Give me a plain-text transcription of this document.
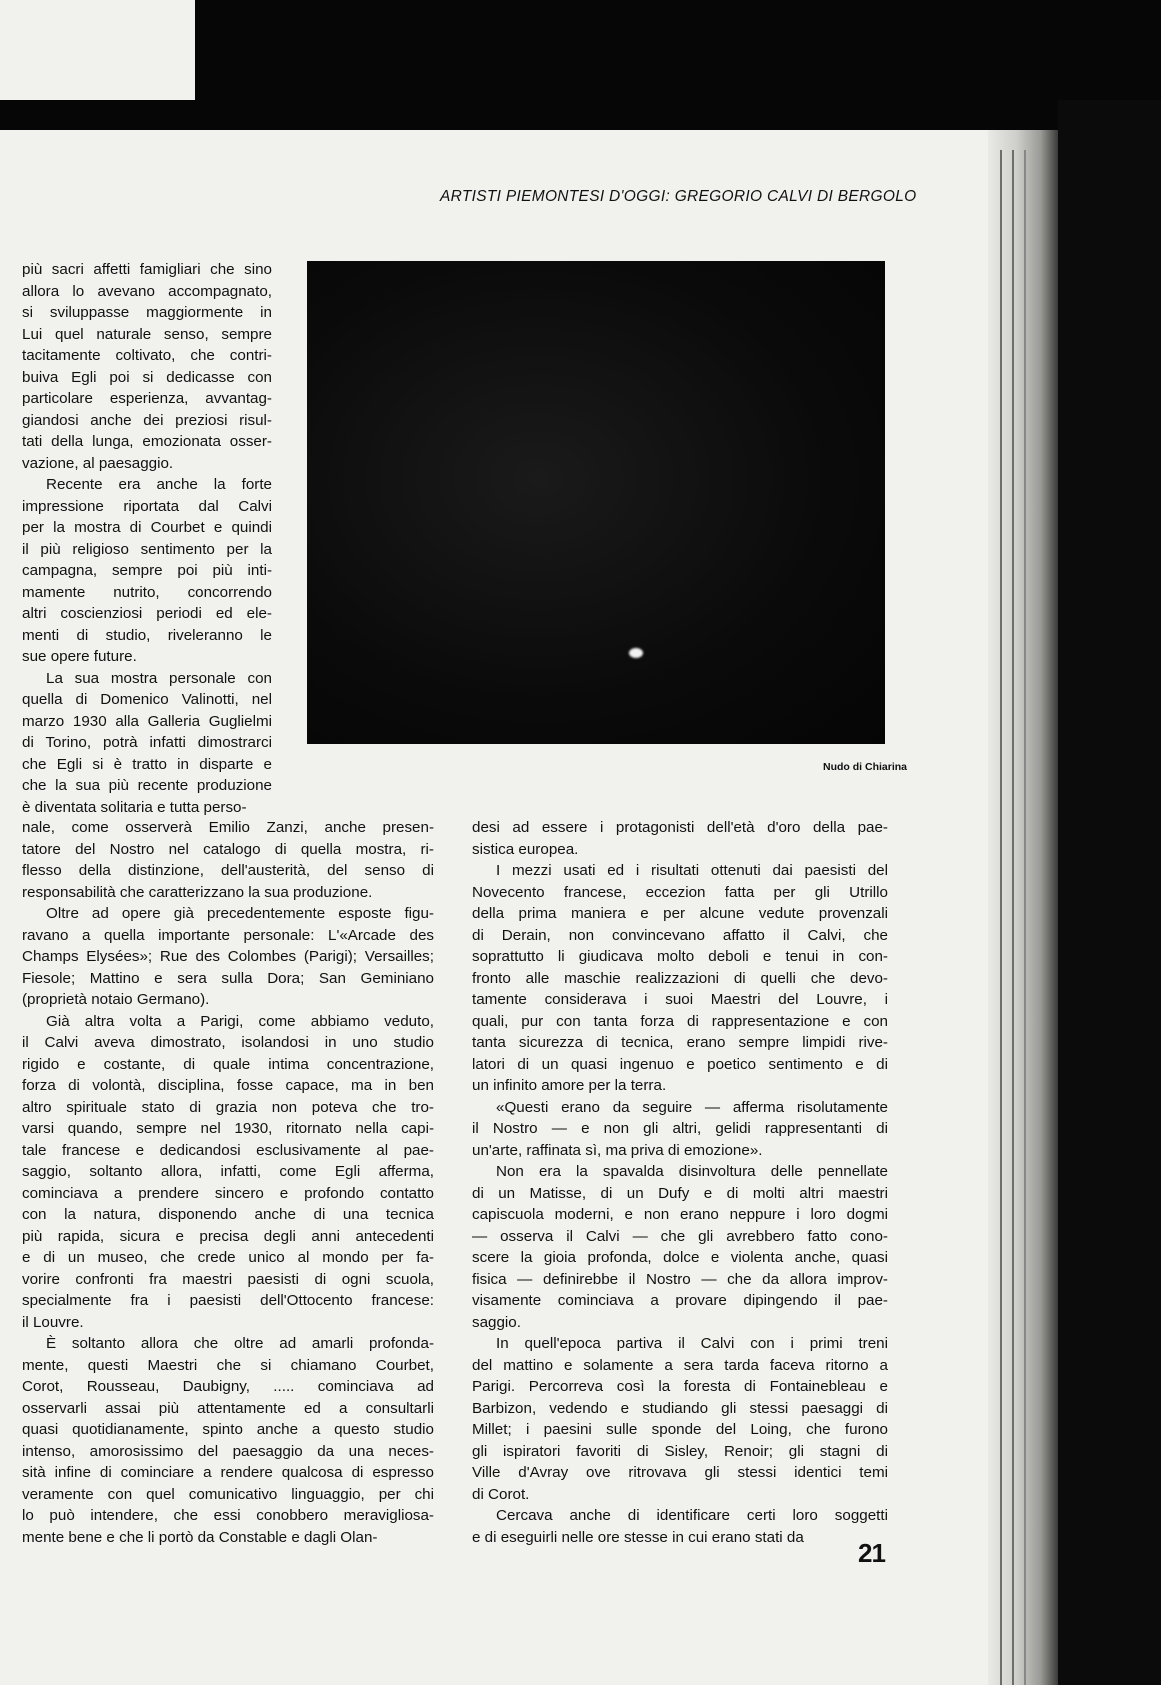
ARTISTI PIEMONTESI D'OGGI: GREGORIO CALVI DI BERGOLO
Nudo di Chiarina

più sacri affetti famigliari che sino
allora lo avevano accompagnato,
si sviluppasse maggiormente in
Lui quel naturale senso, sempre
tacitamente coltivato, che contri-
buiva Egli poi si dedicasse con
particolare esperienza, avvantag-
giandosi anche dei preziosi risul-
tati della lunga, emozionata osser-
vazione, al paesaggio.

Recente era anche la forte
impressione riportata dal Calvi
per la mostra di Courbet e quindi
il più religioso sentimento per la
campagna, sempre poi più inti-
mamente nutrito, concorrendo
altri coscienziosi periodi ed ele-
menti di studio, riveleranno le
sue opere future.

La sua mostra personale con
quella di Domenico Valinotti, nel
marzo 1930 alla Galleria Guglielmi
di Torino, potrà infatti dimostrarci
che Egli si è tratto in disparte e
che la sua più recente produzione
è diventata solitaria e tutta perso-

nale, come osserverà Emilio Zanzi, anche presen-
tatore del Nostro nel catalogo di quella mostra, ri-
flesso della distinzione, dell'austerità, del senso di
responsabilità che caratterizzano la sua produzione.

Oltre ad opere già precedentemente esposte figu-
ravano a quella importante personale: L'«Arcade des
Champs Elysées»; Rue des Colombes (Parigi); Versailles;
Fiesole; Mattino e sera sulla Dora; San Geminiano
(proprietà notaio Germano).

Già altra volta a Parigi, come abbiamo veduto,
il Calvi aveva dimostrato, isolandosi in uno studio
rigido e costante, di quale intima concentrazione,
forza di volontà, disciplina, fosse capace, ma in ben
altro spirituale stato di grazia non poteva che tro-
varsi quando, sempre nel 1930, ritornato nella capi-
tale francese e dedicandosi esclusivamente al pae-
saggio, soltanto allora, infatti, come Egli afferma,
cominciava a prendere sincero e profondo contatto
con la natura, disponendo anche di una tecnica
più rapida, sicura e precisa degli anni antecedenti
e di un museo, che crede unico al mondo per fa-
vorire confronti fra maestri paesisti di ogni scuola,
specialmente fra i paesisti dell'Ottocento francese:
il Louvre.

È soltanto allora che oltre ad amarli profonda-
mente, questi Maestri che si chiamano Courbet,
Corot, Rousseau, Daubigny, ..... cominciava ad
osservarli assai più attentamente ed a consultarli
quasi quotidianamente, spinto anche a questo studio
intenso, amorosissimo del paesaggio da una neces-
sità infine di cominciare a rendere qualcosa di espresso
veramente con quel comunicativo linguaggio, per chi
lo può intendere, che essi conobbero meravigliosa-
mente bene e che li portò da Constable e dagli Olan-

desi ad essere i protagonisti dell'età d'oro della pae-
sistica europea.

I mezzi usati ed i risultati ottenuti dai paesisti del
Novecento francese, eccezion fatta per gli Utrillo
della prima maniera e per alcune vedute provenzali
di Derain, non convincevano affatto il Calvi, che
soprattutto li giudicava molto deboli e tenui in con-
fronto alle maschie realizzazioni di quelli che devo-
tamente considerava i suoi Maestri del Louvre, i
quali, pur con tanta forza di rappresentazione e con
tanta sicurezza di tecnica, erano sempre limpidi rive-
latori di un quasi ingenuo e poetico sentimento e di
un infinito amore per la terra.

«Questi erano da seguire — afferma risolutamente
il Nostro — e non gli altri, gelidi rappresentanti di
un'arte, raffinata sì, ma priva di emozione».

Non era la spavalda disinvoltura delle pennellate
di un Matisse, di un Dufy e di molti altri maestri
capiscuola moderni, e non erano neppure i loro dogmi
— osserva il Calvi — che gli avrebbero fatto cono-
scere la gioia profonda, dolce e violenta anche, quasi
fisica — definirebbe il Nostro — che da allora improv-
visamente cominciava a provare dipingendo il pae-
saggio.

In quell'epoca partiva il Calvi con i primi treni
del mattino e solamente a sera tarda faceva ritorno a
Parigi. Percorreva così la foresta di Fontainebleau e
Barbizon, vedendo e studiando gli stessi paesaggi di
Millet; i paesini sulle sponde del Loing, che furono
gli ispiratori favoriti di Sisley, Renoir; gli stagni di
Ville d'Avray ove ritrovava gli stessi identici temi
di Corot.

Cercava anche di identificare certi loro soggetti
e di eseguirli nelle ore stesse in cui erano stati da

21
